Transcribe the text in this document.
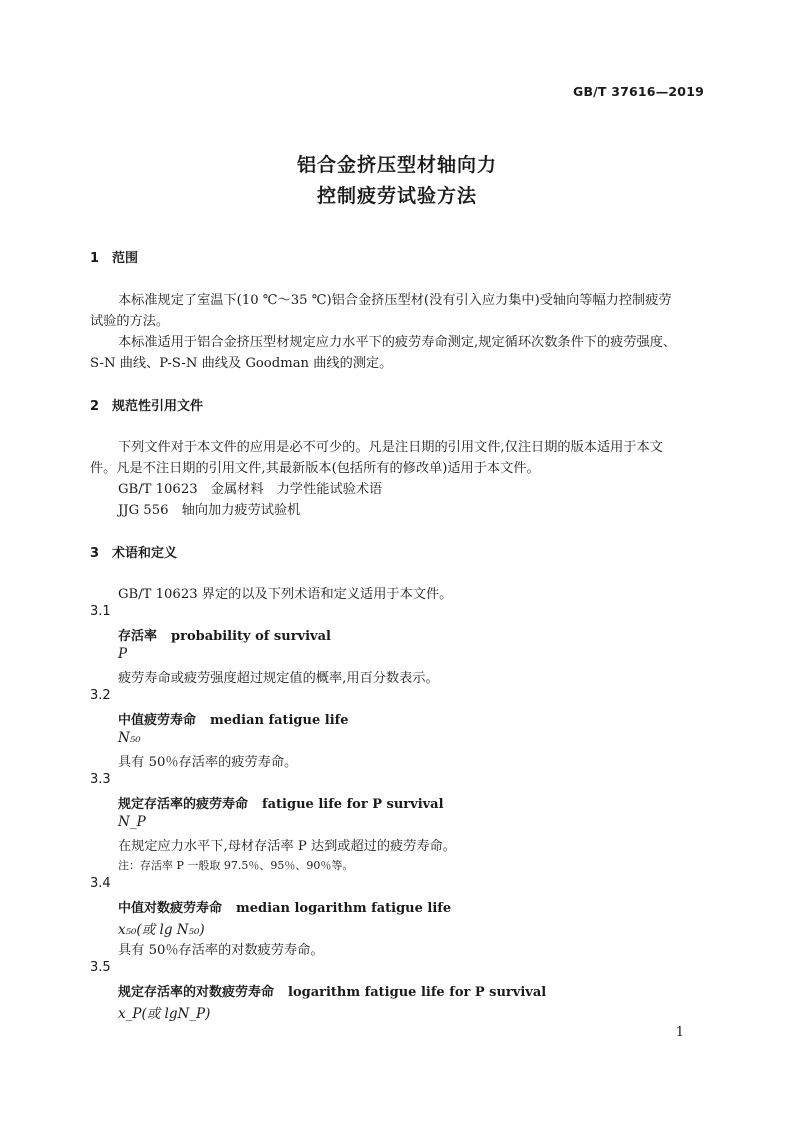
GB/T 37616—2019
铝合金挤压型材轴向力
控制疲劳试验方法
1 范围
本标准规定了室温下(10 ℃～35 ℃)铝合金挤压型材(没有引入应力集中)受轴向等幅力控制疲劳
试验的方法。
本标准适用于铝合金挤压型材规定应力水平下的疲劳寿命测定,规定循环次数条件下的疲劳强度、
S-N 曲线、P-S-N 曲线及 Goodman 曲线的测定。
2 规范性引用文件
下列文件对于本文件的应用是必不可少的。凡是注日期的引用文件,仅注日期的版本适用于本文
件。凡是不注日期的引用文件,其最新版本(包括所有的修改单)适用于本文件。
GB/T 10623　金属材料　力学性能试验术语
JJG 556　轴向加力疲劳试验机
3 术语和定义
GB/T 10623 界定的以及下列术语和定义适用于本文件。
3.1
存活率 probability of survival
P
疲劳寿命或疲劳强度超过规定值的概率,用百分数表示。
3.2
中值疲劳寿命 median fatigue life
N₅₀
具有 50％存活率的疲劳寿命。
3.3
规定存活率的疲劳寿命 fatigue life for P survival
N_P
在规定应力水平下,母材存活率 P 达到或超过的疲劳寿命。
注：存活率 P 一般取 97.5％、95％、90％等。
3.4
中值对数疲劳寿命 median logarithm fatigue life
x₅₀(或 lg N₅₀)
具有 50％存活率的对数疲劳寿命。
3.5
规定存活率的对数疲劳寿命 logarithm fatigue life for P survival
x_P(或 lgN_P)
1
